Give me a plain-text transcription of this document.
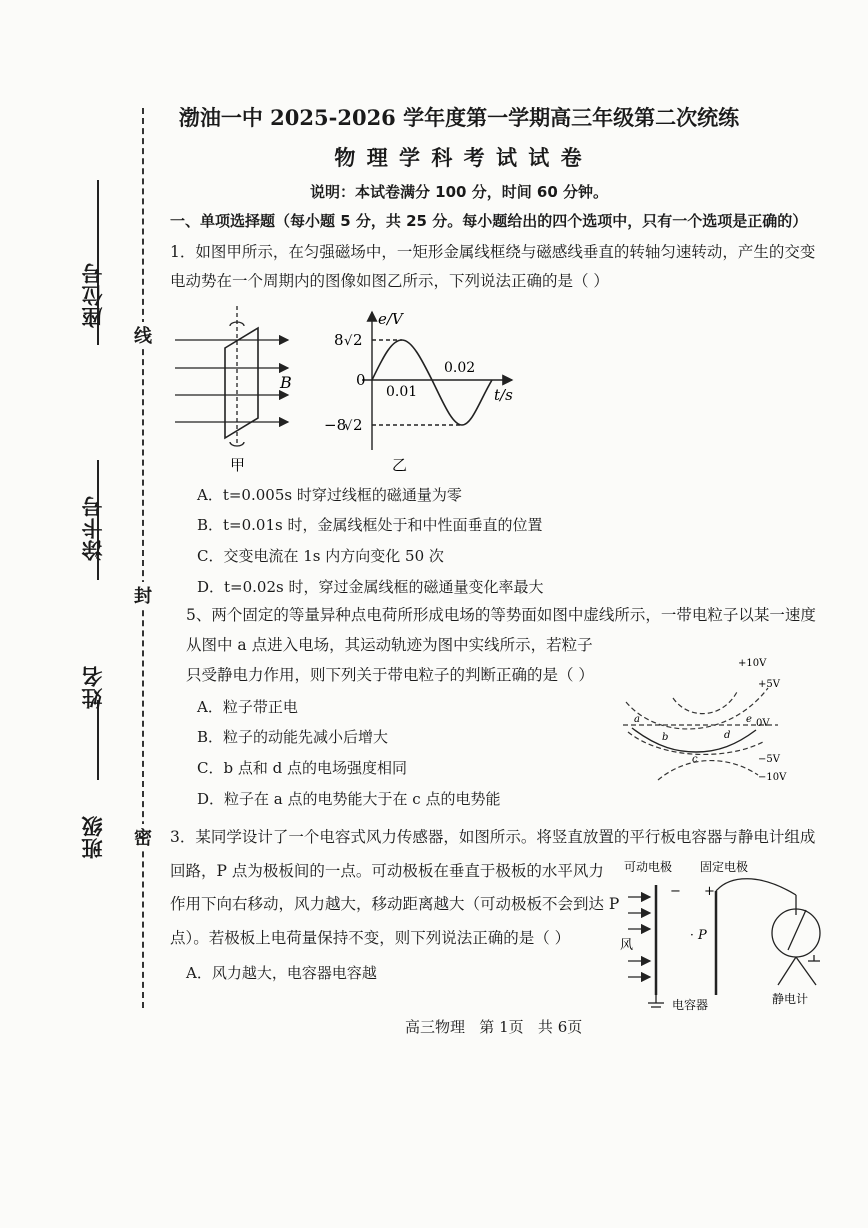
座位号
涂卡号
姓名
班级
线
封
密
渤油一中 2025-2026 学年度第一学期高三年级第二次统练
物 理 学 科 考 试 试 卷
说明：本试卷满分 100 分，时间 60 分钟。
一、单项选择题（每小题 5 分，共 25 分。每小题给出的四个选项中，只有一个选项是正确的）
1．如图甲所示，在匀强磁场中，一矩形金属线框绕与磁感线垂直的转轴匀速转动，产生的交变
电动势在一个周期内的图像如图乙所示，下列说法正确的是（ ）
B
甲
e/V
t/s
8 √ 2
0
−8
√ 2
0.01
0.02
乙
A．t=0.005s 时穿过线框的磁通量为零
B．t=0.01s 时，金属线框处于和中性面垂直的位置
C．交变电流在 1s 内方向变化 50 次
D．t=0.02s 时，穿过金属线框的磁通量变化率最大
5、两个固定的等量异种点电荷所形成电场的等势面如图中虚线所示，一带电粒子以某一速度
从图中 a 点进入电场，其运动轨迹为图中实线所示，若粒子
只受静电力作用，则下列关于带电粒子的判断正确的是（ ）
A．粒子带正电
B．粒子的动能先减小后增大
C．b 点和 d 点的电场强度相同
D．粒子在 a 点的电势能大于在 c 点的电势能
+10V
+5V
0V
−5V
−10V
a
b
c
d
e
3．某同学设计了一个电容式风力传感器，如图所示。将竖直放置的平行板电容器与静电计组成
回路，P 点为极板间的一点。可动极板在垂直于极板的水平风力
作用下向右移动，风力越大，移动距离越大（可动极板不会到达 P
点）。若极板上电荷量保持不变，则下列说法正确的是（ ）
A．风力越大，电容器电容越
可动电极 固定电极
− +
风
· P
电容器	静电计
高三物理   第 1页   共 6页
